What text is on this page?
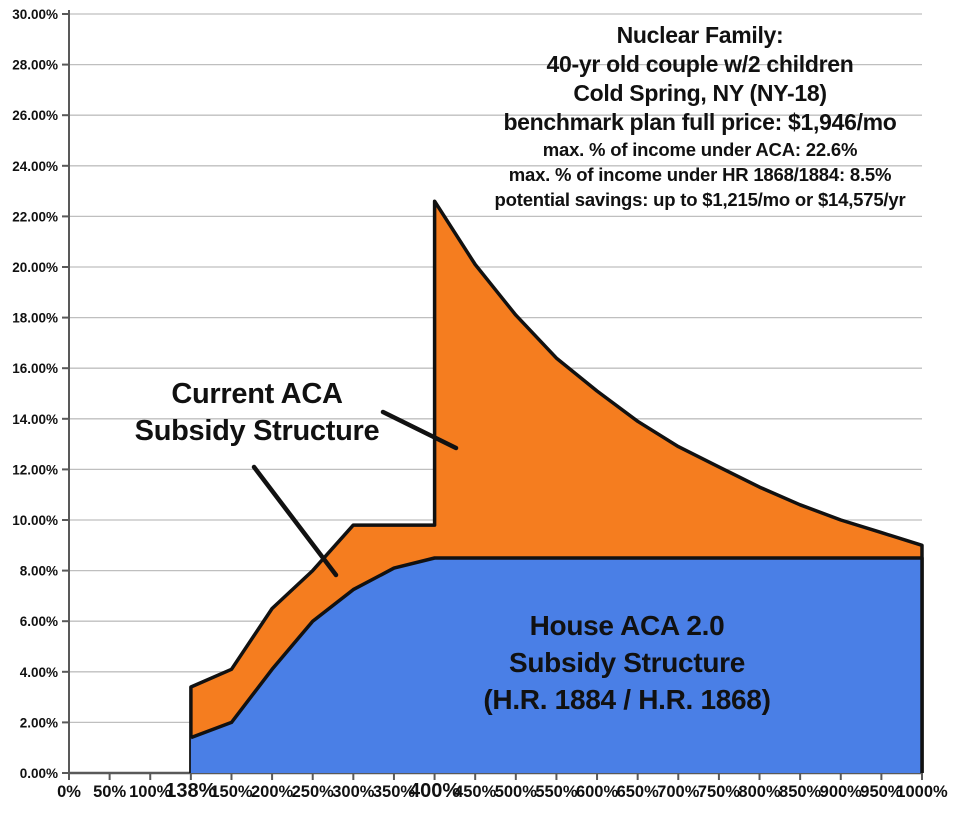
0.00%
2.00%
4.00%
6.00%
8.00%
10.00%
12.00%
14.00%
16.00%
18.00%
20.00%
22.00%
24.00%
26.00%
28.00%
30.00%
0% 50% 100%
138%
150%
200%
250%
300%
350%
400%
450%
500%
550%
600%
650%
700%
750%
800%
850%
900%
950%
1000%
Nuclear Family:
40-yr old couple w/2 children
Cold Spring, NY (NY-18)
benchmark plan full price: $1,946/mo
max. % of income under ACA: 22.6%
max. % of income under HR 1868/1884: 8.5%
potential savings: up to $1,215/mo or $14,575/yr
Current ACA
Subsidy Structure
House ACA 2.0
Subsidy Structure
(H.R. 1884 / H.R. 1868)
